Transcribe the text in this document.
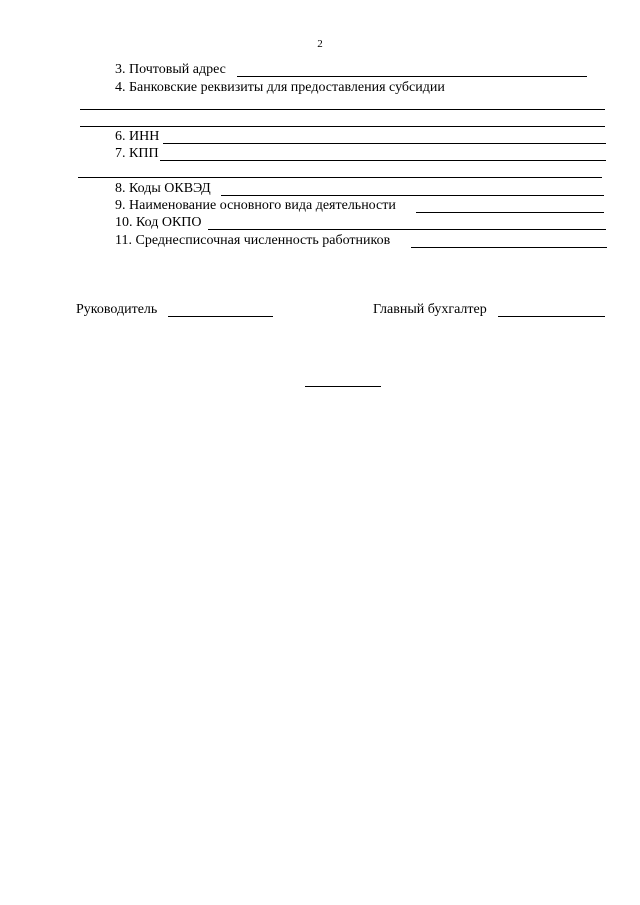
2
3. Почтовый адрес
4. Банковские реквизиты для предоставления субсидии
6. ИНН
7. КПП
8. Коды ОКВЭД
9. Наименование основного вида деятельности
10. Код ОКПО
11. Среднесписочная численность работников
Руководитель	Главный бухгалтер
